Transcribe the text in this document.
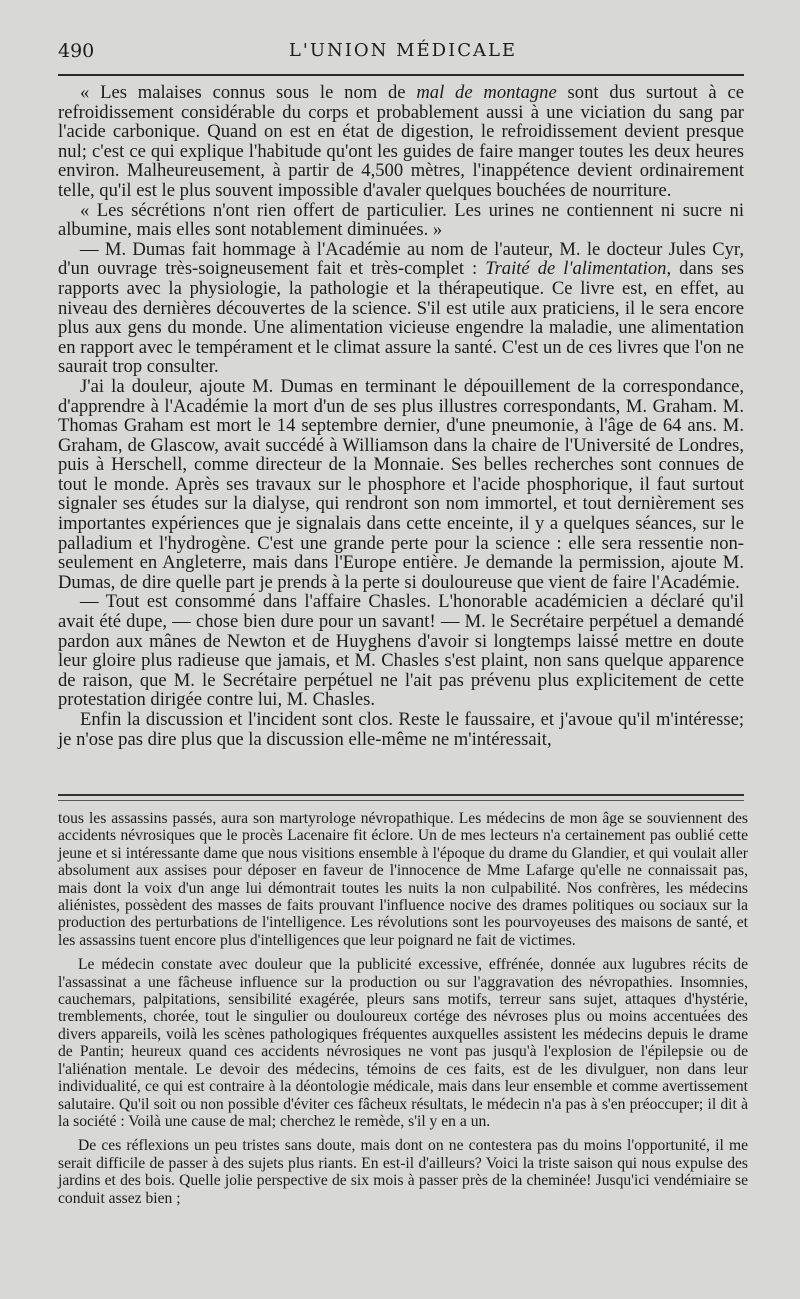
490	L'UNION MÉDICALE

« Les malaises connus sous le nom de mal de montagne sont dus surtout à ce refroidissement considérable du corps et probablement aussi à une viciation du sang par l'acide carbonique. Quand on est en état de digestion, le refroidissement devient presque nul; c'est ce qui explique l'habitude qu'ont les guides de faire manger toutes les deux heures environ. Malheureusement, à partir de 4,500 mètres, l'inappétence devient ordinairement telle, qu'il est le plus souvent impossible d'avaler quelques bouchées de nourriture.

« Les sécrétions n'ont rien offert de particulier. Les urines ne contiennent ni sucre ni albumine, mais elles sont notablement diminuées. »

— M. Dumas fait hommage à l'Académie au nom de l'auteur, M. le docteur Jules Cyr, d'un ouvrage très-soigneusement fait et très-complet : Traité de l'alimentation, dans ses rapports avec la physiologie, la pathologie et la thérapeutique. Ce livre est, en effet, au niveau des dernières découvertes de la science. S'il est utile aux praticiens, il le sera encore plus aux gens du monde. Une alimentation vicieuse engendre la maladie, une alimentation en rapport avec le tempérament et le climat assure la santé. C'est un de ces livres que l'on ne saurait trop consulter.

J'ai la douleur, ajoute M. Dumas en terminant le dépouillement de la correspondance, d'apprendre à l'Académie la mort d'un de ses plus illustres correspondants, M. Graham. M. Thomas Graham est mort le 14 septembre dernier, d'une pneumonie, à l'âge de 64 ans. M. Graham, de Glascow, avait succédé à Williamson dans la chaire de l'Université de Londres, puis à Herschell, comme directeur de la Monnaie. Ses belles recherches sont connues de tout le monde. Après ses travaux sur le phosphore et l'acide phosphorique, il faut surtout signaler ses études sur la dialyse, qui rendront son nom immortel, et tout dernièrement ses importantes expériences que je signalais dans cette enceinte, il y a quelques séances, sur le palladium et l'hydrogène. C'est une grande perte pour la science : elle sera ressentie non-seulement en Angleterre, mais dans l'Europe entière. Je demande la permission, ajoute M. Dumas, de dire quelle part je prends à la perte si douloureuse que vient de faire l'Académie.

— Tout est consommé dans l'affaire Chasles. L'honorable académicien a déclaré qu'il avait été dupe, — chose bien dure pour un savant! — M. le Secrétaire perpétuel a demandé pardon aux mânes de Newton et de Huyghens d'avoir si longtemps laissé mettre en doute leur gloire plus radieuse que jamais, et M. Chasles s'est plaint, non sans quelque apparence de raison, que M. le Secrétaire perpétuel ne l'ait pas prévenu plus explicitement de cette protestation dirigée contre lui, M. Chasles.

Enfin la discussion et l'incident sont clos. Reste le faussaire, et j'avoue qu'il m'intéresse; je n'ose pas dire plus que la discussion elle-même ne m'intéressait,

tous les assassins passés, aura son martyrologe névropathique. Les médecins de mon âge se souviennent des accidents névrosiques que le procès Lacenaire fit éclore. Un de mes lecteurs n'a certainement pas oublié cette jeune et si intéressante dame que nous visitions ensemble à l'époque du drame du Glandier, et qui voulait aller absolument aux assises pour déposer en faveur de l'innocence de Mme Lafarge qu'elle ne connaissait pas, mais dont la voix d'un ange lui démontrait toutes les nuits la non culpabilité. Nos confrères, les médecins aliénistes, possèdent des masses de faits prouvant l'influence nocive des drames politiques ou sociaux sur la production des perturbations de l'intelligence. Les révolutions sont les pourvoyeuses des maisons de santé, et les assassins tuent encore plus d'intelligences que leur poignard ne fait de victimes.

Le médecin constate avec douleur que la publicité excessive, effrénée, donnée aux lugubres récits de l'assassinat a une fâcheuse influence sur la production ou sur l'aggravation des névropathies. Insomnies, cauchemars, palpitations, sensibilité exagérée, pleurs sans motifs, terreur sans sujet, attaques d'hystérie, tremblements, chorée, tout le singulier ou douloureux cortége des névroses plus ou moins accentuées des divers appareils, voilà les scènes pathologiques fréquentes auxquelles assistent les médecins depuis le drame de Pantin; heureux quand ces accidents névrosiques ne vont pas jusqu'à l'explosion de l'épilepsie ou de l'aliénation mentale. Le devoir des médecins, témoins de ces faits, est de les divulguer, non dans leur individualité, ce qui est contraire à la déontologie médicale, mais dans leur ensemble et comme avertissement salutaire. Qu'il soit ou non possible d'éviter ces fâcheux résultats, le médecin n'a pas à s'en préoccuper; il dit à la société : Voilà une cause de mal; cherchez le remède, s'il y en a un.

De ces réflexions un peu tristes sans doute, mais dont on ne contestera pas du moins l'opportunité, il me serait difficile de passer à des sujets plus riants. En est-il d'ailleurs? Voici la triste saison qui nous expulse des jardins et des bois. Quelle jolie perspective de six mois à passer près de la cheminée! Jusqu'ici vendémiaire se conduit assez bien ;
